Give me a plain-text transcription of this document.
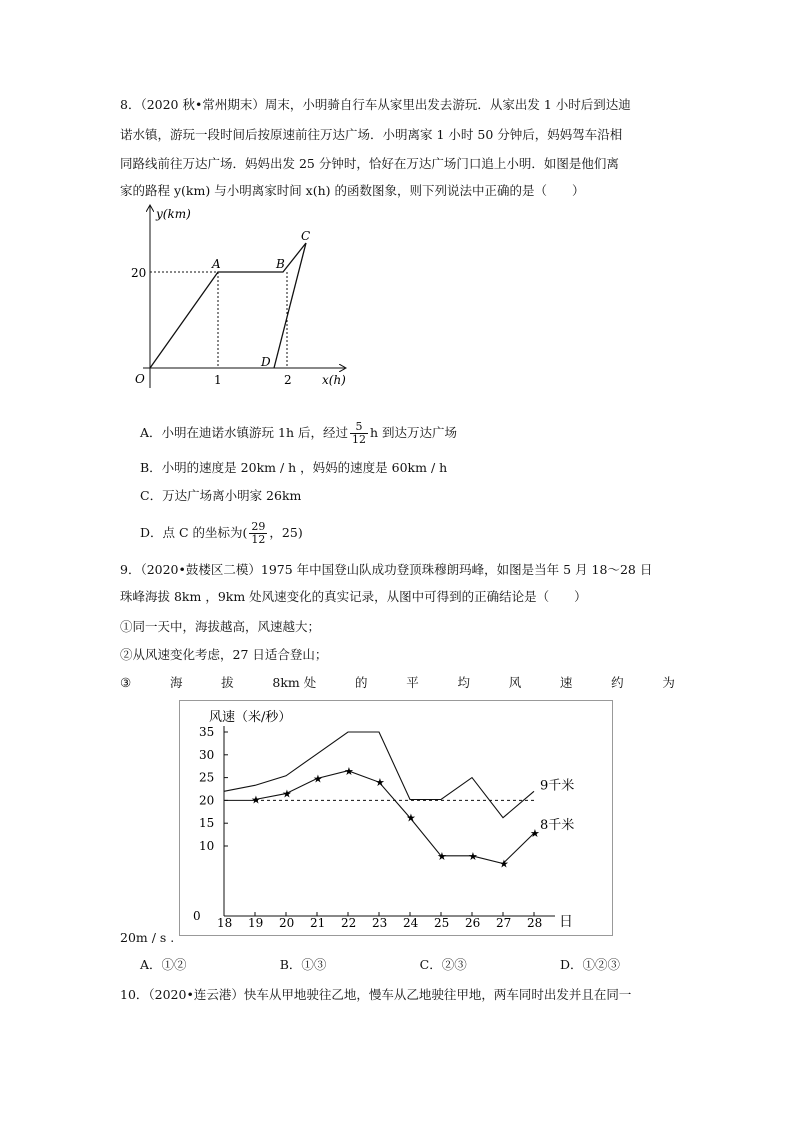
8．（2020 秋•常州期末）周末，小明骑自行车从家里出发去游玩．从家出发 1 小时后到达迪
诺水镇，游玩一段时间后按原速前往万达广场．小明离家 1 小时 50 分钟后，妈妈驾车沿相
同路线前往万达广场．妈妈出发 25 分钟时，恰好在万达广场门口追上小明．如图是他们离
家的路程 y(km) 与小明离家时间 x(h) 的函数图象，则下列说法中正确的是（　　）
y(km)
x(h)
O
20
1	2
A	B
C
D
A．小明在迪诺水镇游玩 1h 后，经过 $\frac{5}{12}$ h 到达万达广场
B．小明的速度是 20km / h ，妈妈的速度是 60km / h
C．万达广场离小明家 26km
D．点 C 的坐标为( $\frac{29}{12}$ ，25)
9．（2020•鼓楼区二模）1975 年中国登山队成功登顶珠穆朗玛峰，如图是当年 5 月 18～28 日
珠峰海拔 8km ，9km 处风速变化的真实记录，从图中可得到的正确结论是（　　）
①同一天中，海拔越高，风速越大；
②从风速变化考虑，27 日适合登山；
③	海	拔	8km 处	的	平	均	风	速	约	为
风速（米/秒）
日
0
10
15
20
25
30
35
18 19 20 21 22 23 24 25 26 27 28
9千米
★ ★
★
★
★
★
★ ★
★
★
8千米
20m / s .
A．①②	B．①③	C．②③	D．①②③
10．（2020•连云港）快车从甲地驶往乙地，慢车从乙地驶往甲地，两车同时出发并且在同一
